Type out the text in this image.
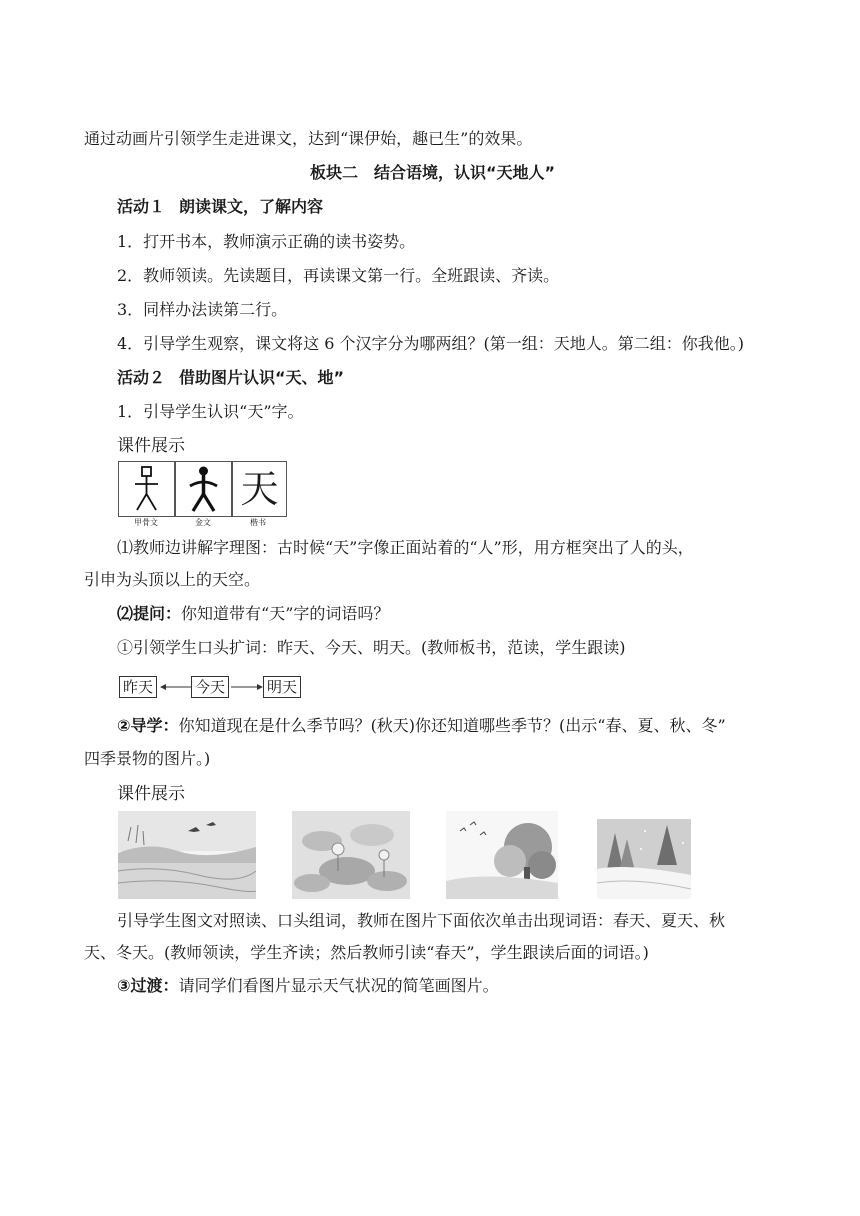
通过动画片引领学生走进课文，达到“课伊始，趣已生”的效果。
板块二　结合语境，认识“天地人”
活动１ 朗读课文，了解内容
1．打开书本，教师演示正确的读书姿势。
2．教师领读。先读题目，再读课文第一行。全班跟读、齐读。
3．同样办法读第二行。
4．引导学生观察，课文将这 6 个汉字分为哪两组？(第一组：天地人。第二组：你我他。)
活动２ 借助图片认识“天、地”
1．引导学生认识“天”字。
课件展示
天
甲骨文	金文	楷书
⑴教师边讲解字理图：古时候“天”字像正面站着的“人”形，用方框突出了人的头，
引申为头顶以上的天空。
⑵提问：你知道带有“天”字的词语吗？
①引领学生口头扩词：昨天、今天、明天。(教师板书，范读，学生跟读)
昨天	今天	明天
②导学：你知道现在是什么季节吗？(秋天)你还知道哪些季节？(出示“春、夏、秋、冬”
四季景物的图片。)
课件展示
引导学生图文对照读、口头组词，教师在图片下面依次单击出现词语：春天、夏天、秋
天、冬天。(教师领读，学生齐读；然后教师引读“春天”，学生跟读后面的词语。)
③过渡：请同学们看图片显示天气状况的简笔画图片。
